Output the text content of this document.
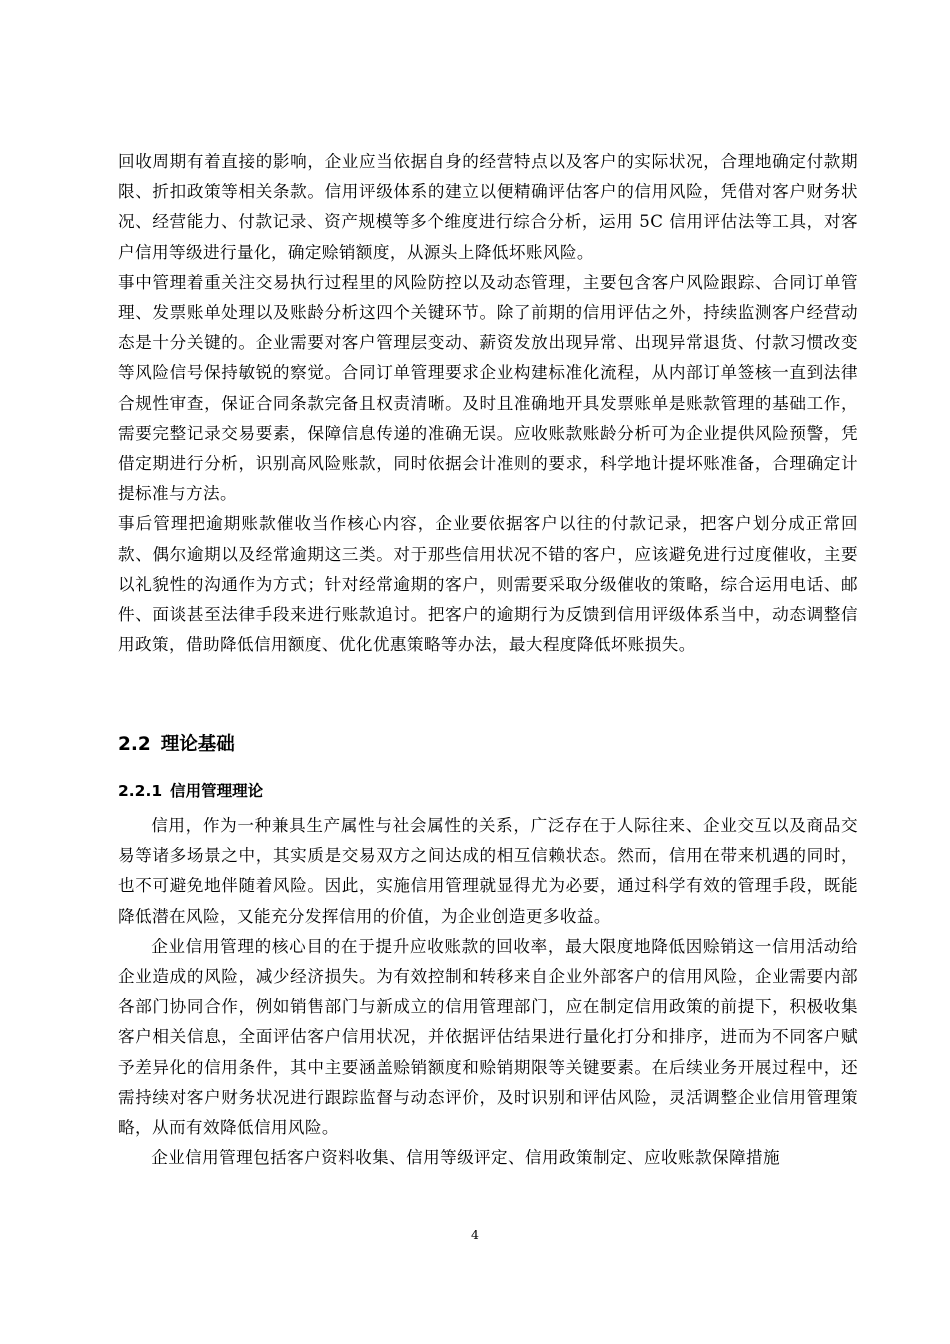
回收周期有着直接的影响，企业应当依据自身的经营特点以及客户的实际状况，合理地确定付款期限、折扣政策等相关条款。信用评级体系的建立以便精确评估客户的信用风险，凭借对客户财务状况、经营能力、付款记录、资产规模等多个维度进行综合分析，运用 5C 信用评估法等工具，对客户信用等级进行量化，确定赊销额度，从源头上降低坏账风险。

事中管理着重关注交易执行过程里的风险防控以及动态管理，主要包含客户风险跟踪、合同订单管理、发票账单处理以及账龄分析这四个关键环节。除了前期的信用评估之外，持续监测客户经营动态是十分关键的。企业需要对客户管理层变动、薪资发放出现异常、出现异常退货、付款习惯改变等风险信号保持敏锐的察觉。合同订单管理要求企业构建标准化流程，从内部订单签核一直到法律合规性审查，保证合同条款完备且权责清晰。及时且准确地开具发票账单是账款管理的基础工作，需要完整记录交易要素，保障信息传递的准确无误。应收账款账龄分析可为企业提供风险预警，凭借定期进行分析，识别高风险账款，同时依据会计准则的要求，科学地计提坏账准备，合理确定计提标准与方法。

事后管理把逾期账款催收当作核心内容，企业要依据客户以往的付款记录，把客户划分成正常回款、偶尔逾期以及经常逾期这三类。对于那些信用状况不错的客户，应该避免进行过度催收，主要以礼貌性的沟通作为方式；针对经常逾期的客户，则需要采取分级催收的策略，综合运用电话、邮件、面谈甚至法律手段来进行账款追讨。把客户的逾期行为反馈到信用评级体系当中，动态调整信用政策，借助降低信用额度、优化优惠策略等办法，最大程度降低坏账损失。

2.2 理论基础
2.2.1 信用管理理论

信用，作为一种兼具生产属性与社会属性的关系，广泛存在于人际往来、企业交互以及商品交易等诸多场景之中，其实质是交易双方之间达成的相互信赖状态。然而，信用在带来机遇的同时，也不可避免地伴随着风险。因此，实施信用管理就显得尤为必要，通过科学有效的管理手段，既能降低潜在风险，又能充分发挥信用的价值，为企业创造更多收益。

企业信用管理的核心目的在于提升应收账款的回收率，最大限度地降低因赊销这一信用活动给企业造成的风险，减少经济损失。为有效控制和转移来自企业外部客户的信用风险，企业需要内部各部门协同合作，例如销售部门与新成立的信用管理部门，应在制定信用政策的前提下，积极收集客户相关信息，全面评估客户信用状况，并依据评估结果进行量化打分和排序，进而为不同客户赋予差异化的信用条件，其中主要涵盖赊销额度和赊销期限等关键要素。在后续业务开展过程中，还需持续对客户财务状况进行跟踪监督与动态评价，及时识别和评估风险，灵活调整企业信用管理策略，从而有效降低信用风险。

企业信用管理包括客户资料收集、信用等级评定、信用政策制定、应收账款保障措施

4
